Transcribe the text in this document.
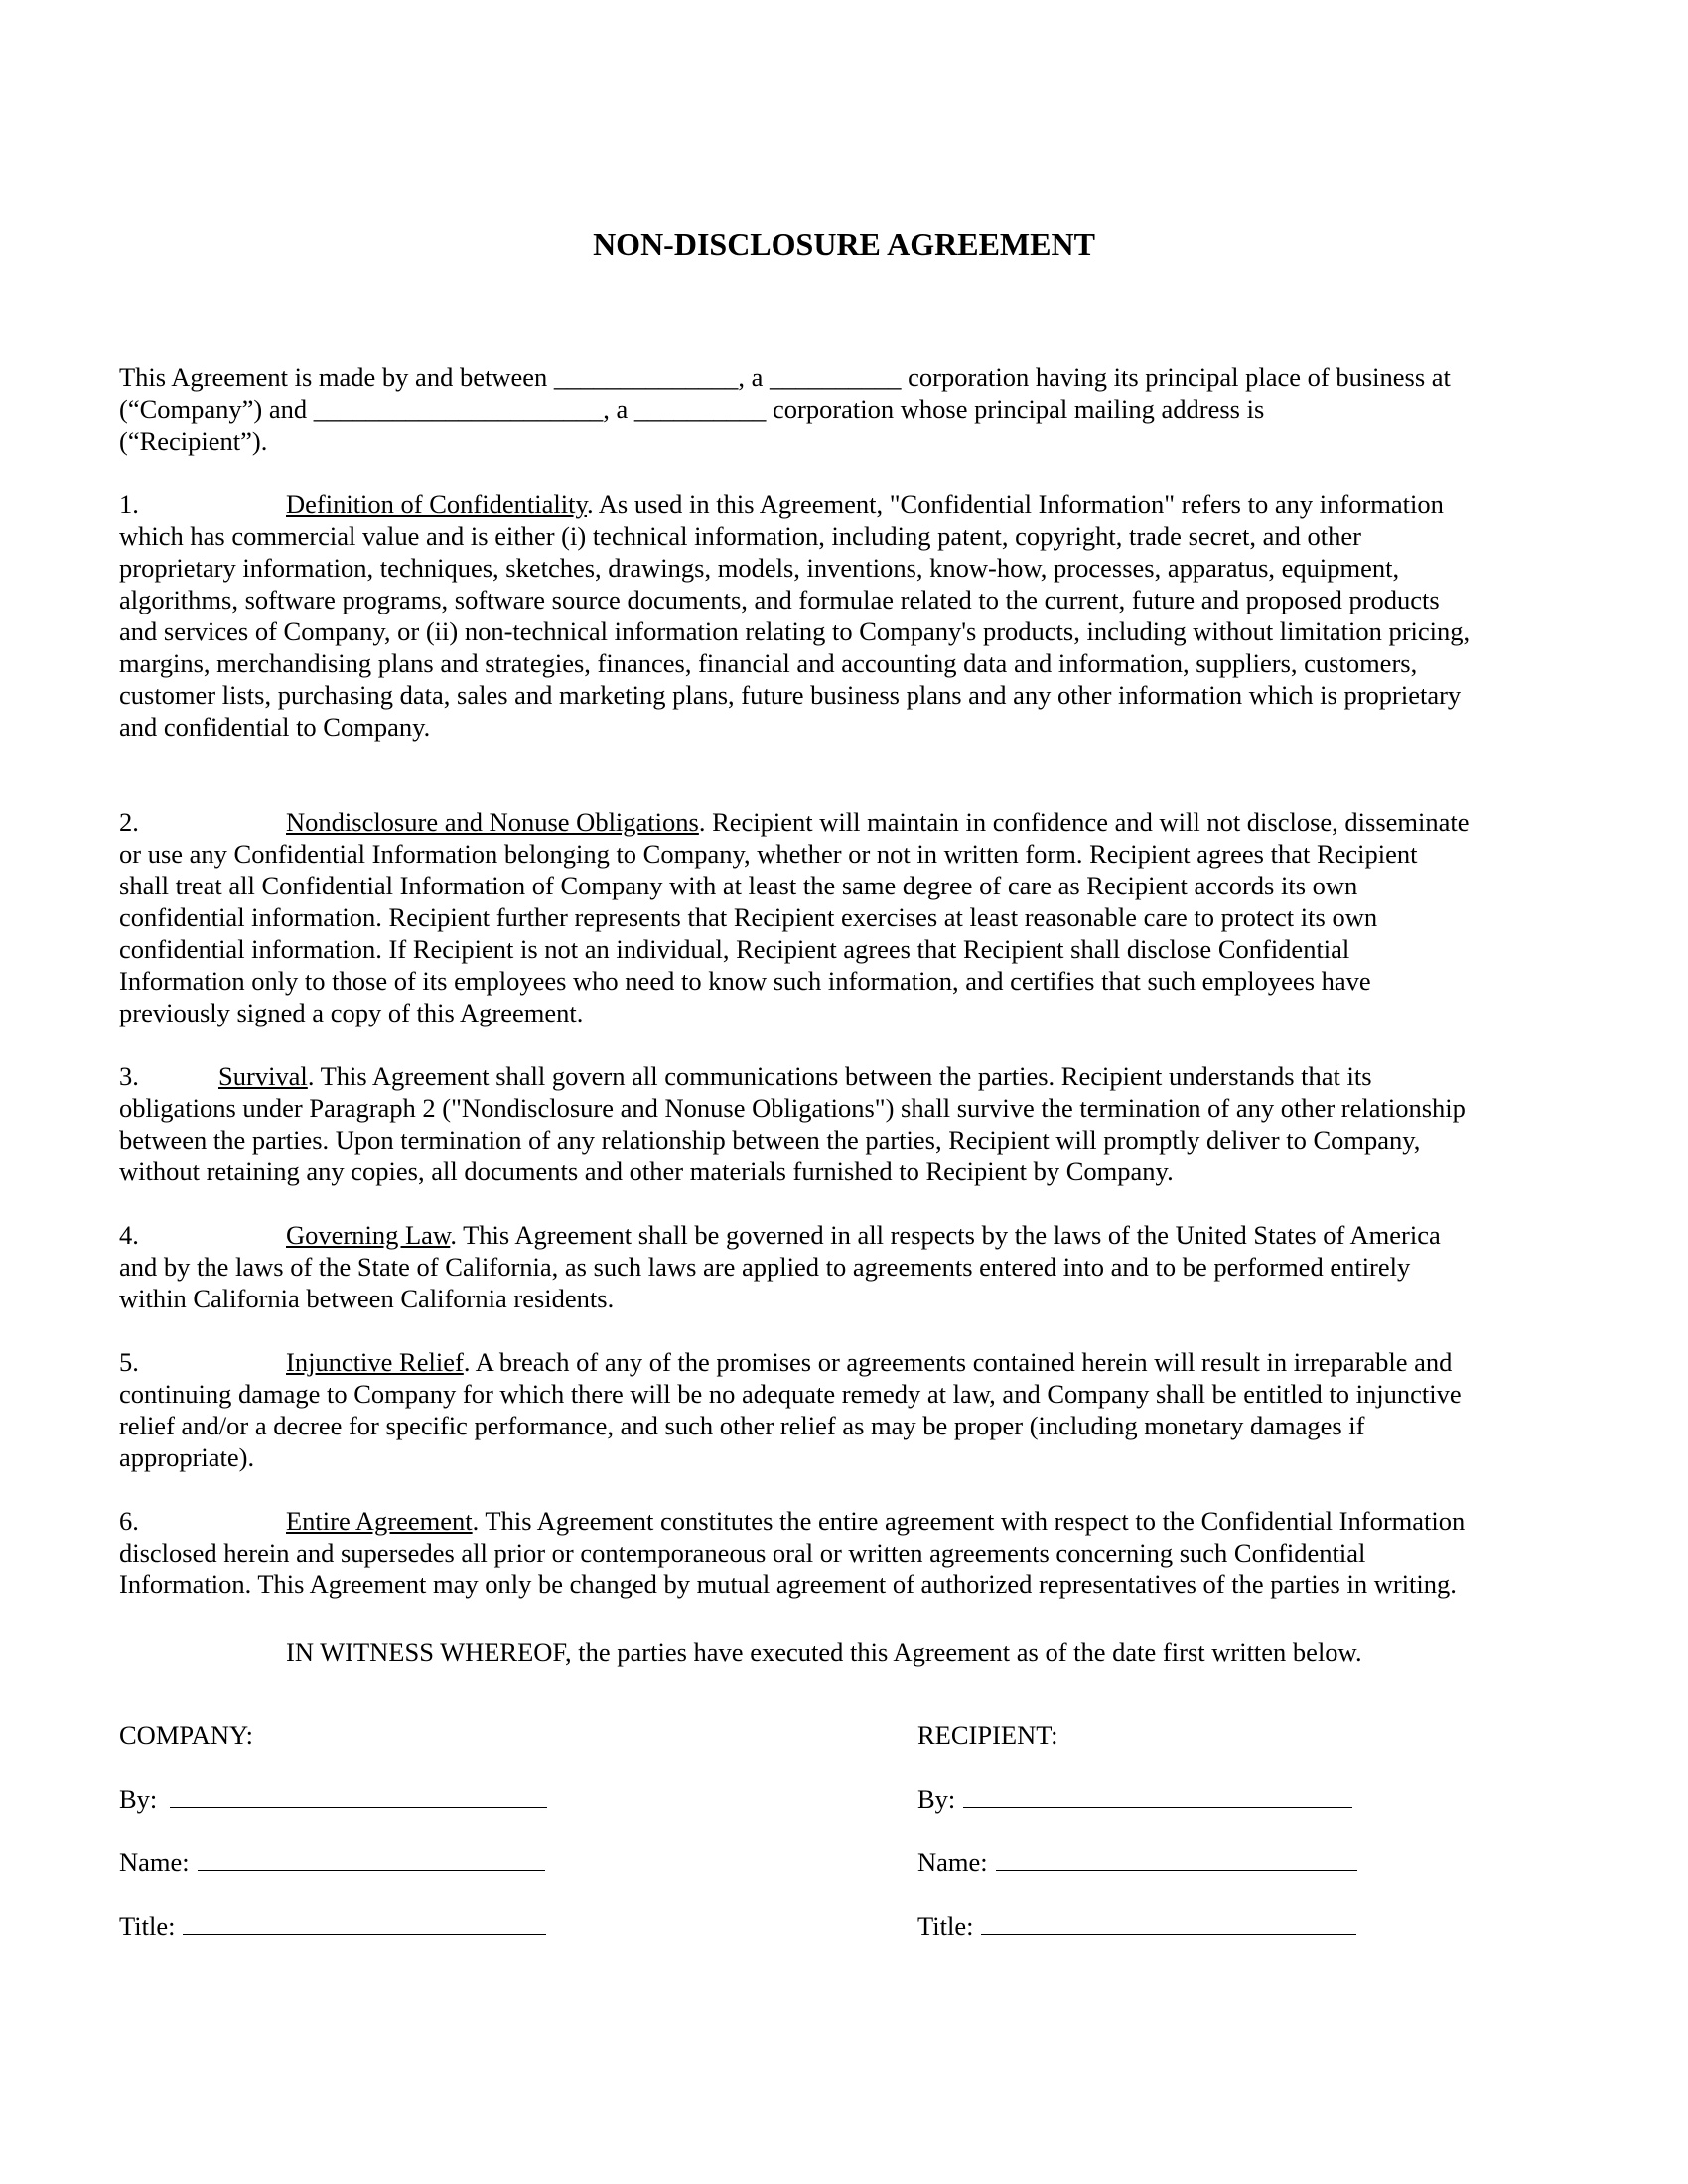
NON-DISCLOSURE AGREEMENT

This Agreement is made by and between ______________, a __________ corporation having its principal place of business at
(“Company”) and ______________________, a __________ corporation whose principal mailing address is
(“Recipient”).

1.	Definition of Confidentiality. As used in this Agreement, "Confidential Information" refers to any information
which has commercial value and is either (i) technical information, including patent, copyright, trade secret, and other
proprietary information, techniques, sketches, drawings, models, inventions, know-how, processes, apparatus, equipment,
algorithms, software programs, software source documents, and formulae related to the current, future and proposed products
and services of Company, or (ii) non-technical information relating to Company's products, including without limitation pricing,
margins, merchandising plans and strategies, finances, financial and accounting data and information, suppliers, customers,
customer lists, purchasing data, sales and marketing plans, future business plans and any other information which is proprietary
and confidential to Company.

2.	Nondisclosure and Nonuse Obligations. Recipient will maintain in confidence and will not disclose, disseminate
or use any Confidential Information belonging to Company, whether or not in written form. Recipient agrees that Recipient
shall treat all Confidential Information of Company with at least the same degree of care as Recipient accords its own
confidential information. Recipient further represents that Recipient exercises at least reasonable care to protect its own
confidential information. If Recipient is not an individual, Recipient agrees that Recipient shall disclose Confidential
Information only to those of its employees who need to know such information, and certifies that such employees have
previously signed a copy of this Agreement.

3.	Survival. This Agreement shall govern all communications between the parties. Recipient understands that its
obligations under Paragraph 2 ("Nondisclosure and Nonuse Obligations") shall survive the termination of any other relationship
between the parties. Upon termination of any relationship between the parties, Recipient will promptly deliver to Company,
without retaining any copies, all documents and other materials furnished to Recipient by Company.

4.	Governing Law. This Agreement shall be governed in all respects by the laws of the United States of America
and by the laws of the State of California, as such laws are applied to agreements entered into and to be performed entirely
within California between California residents.

5.	Injunctive Relief. A breach of any of the promises or agreements contained herein will result in irreparable and
continuing damage to Company for which there will be no adequate remedy at law, and Company shall be entitled to injunctive
relief and/or a decree for specific performance, and such other relief as may be proper (including monetary damages if
appropriate).

6.	Entire Agreement. This Agreement constitutes the entire agreement with respect to the Confidential Information
disclosed herein and supersedes all prior or contemporaneous oral or written agreements concerning such Confidential
Information. This Agreement may only be changed by mutual agreement of authorized representatives of the parties in writing.

IN WITNESS WHEREOF, the parties have executed this Agreement as of the date first written below.
COMPANY:
By:
Name:
Title:
RECIPIENT:
By:
Name:
Title:
